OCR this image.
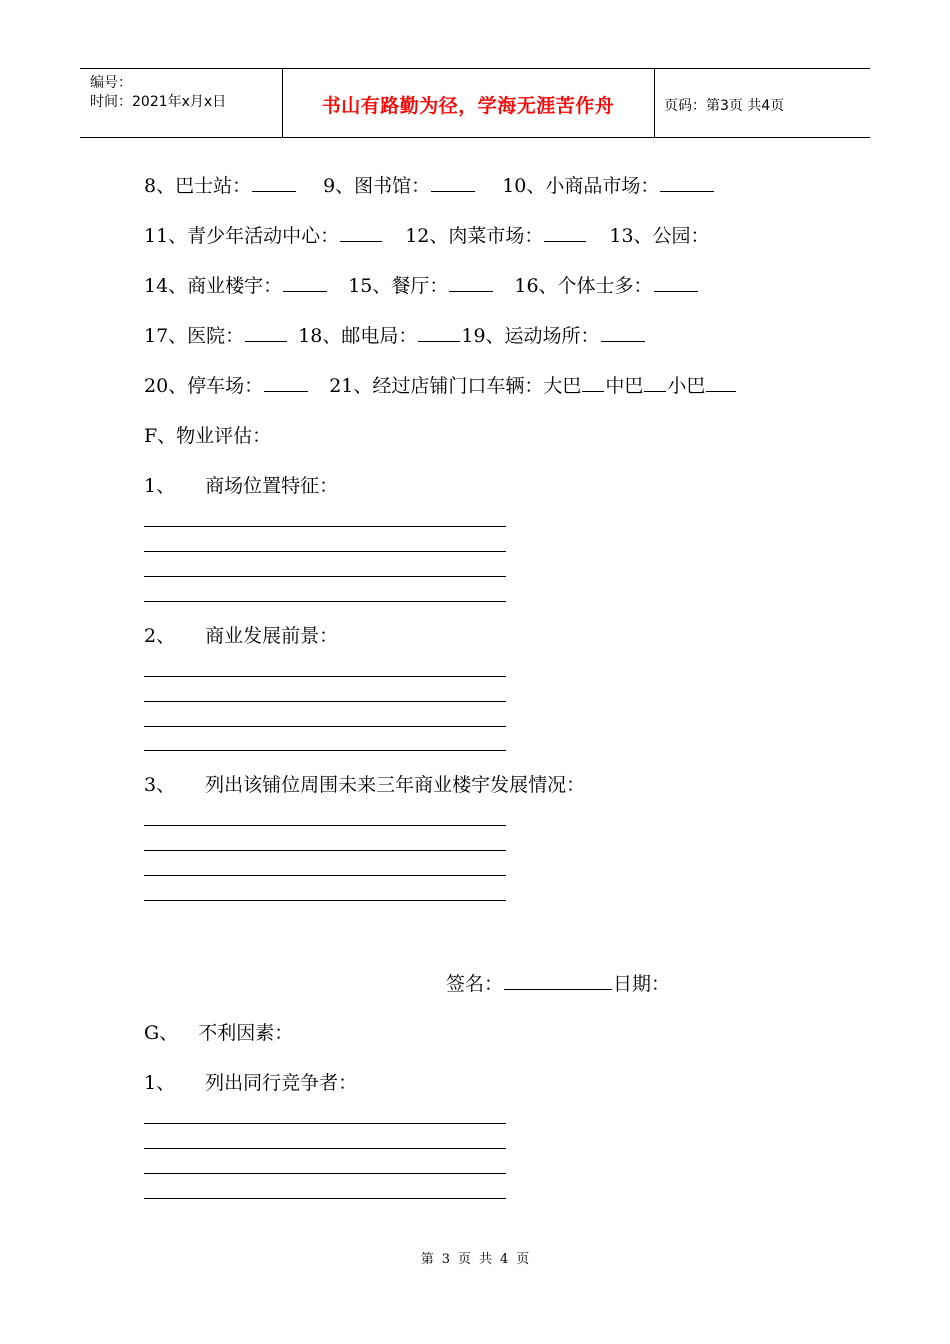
编号：
时间：2021年x月x日	书山有路勤为径，学海无涯苦作舟	页码：第3页 共4页
8、巴士站：	9、图书馆：	10、小商品市场：
11、青少年活动中心：	12、肉菜市场：	13、公园：
14、商业楼宇：	15、餐厅：	16、个体士多：
17、医院：	18、邮电局： 19、运动场所：
20、停车场：	21、经过店铺门口车辆：大巴 中巴 小巴
F、物业评估：
1、 商场位置特征：
2、 商业发展前景：
3、 列出该铺位周围未来三年商业楼宇发展情况：
签名：	日期：
G、 不利因素：
1、 列出同行竞争者：
第 3 页 共 4 页
